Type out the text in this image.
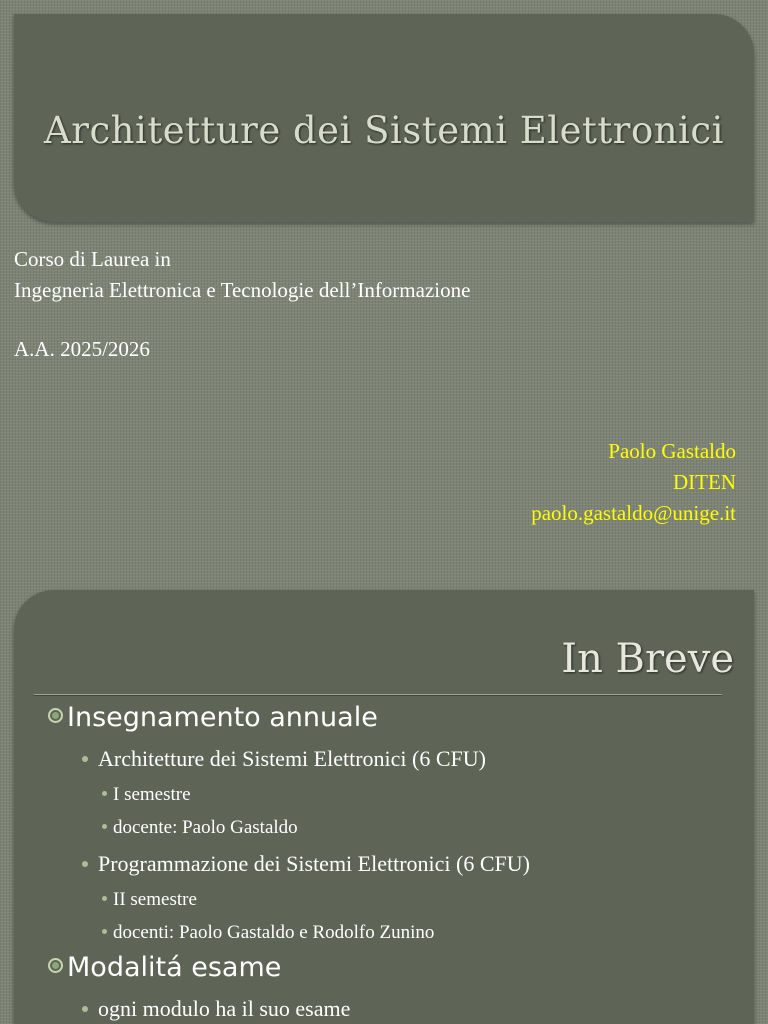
Architetture dei Sistemi Elettronici
Corso di Laurea in
Ingegneria Elettronica e Tecnologie dell’Informazione
A.A. 2025/2026
Paolo Gastaldo
DITEN
paolo.gastaldo@unige.it
In Breve
Insegnamento annuale
Architetture dei Sistemi Elettronici (6 CFU)
I semestre
docente: Paolo Gastaldo
Programmazione dei Sistemi Elettronici (6 CFU)
II semestre
docenti: Paolo Gastaldo e Rodolfo Zunino
Modalitá esame
ogni modulo ha il suo esame
